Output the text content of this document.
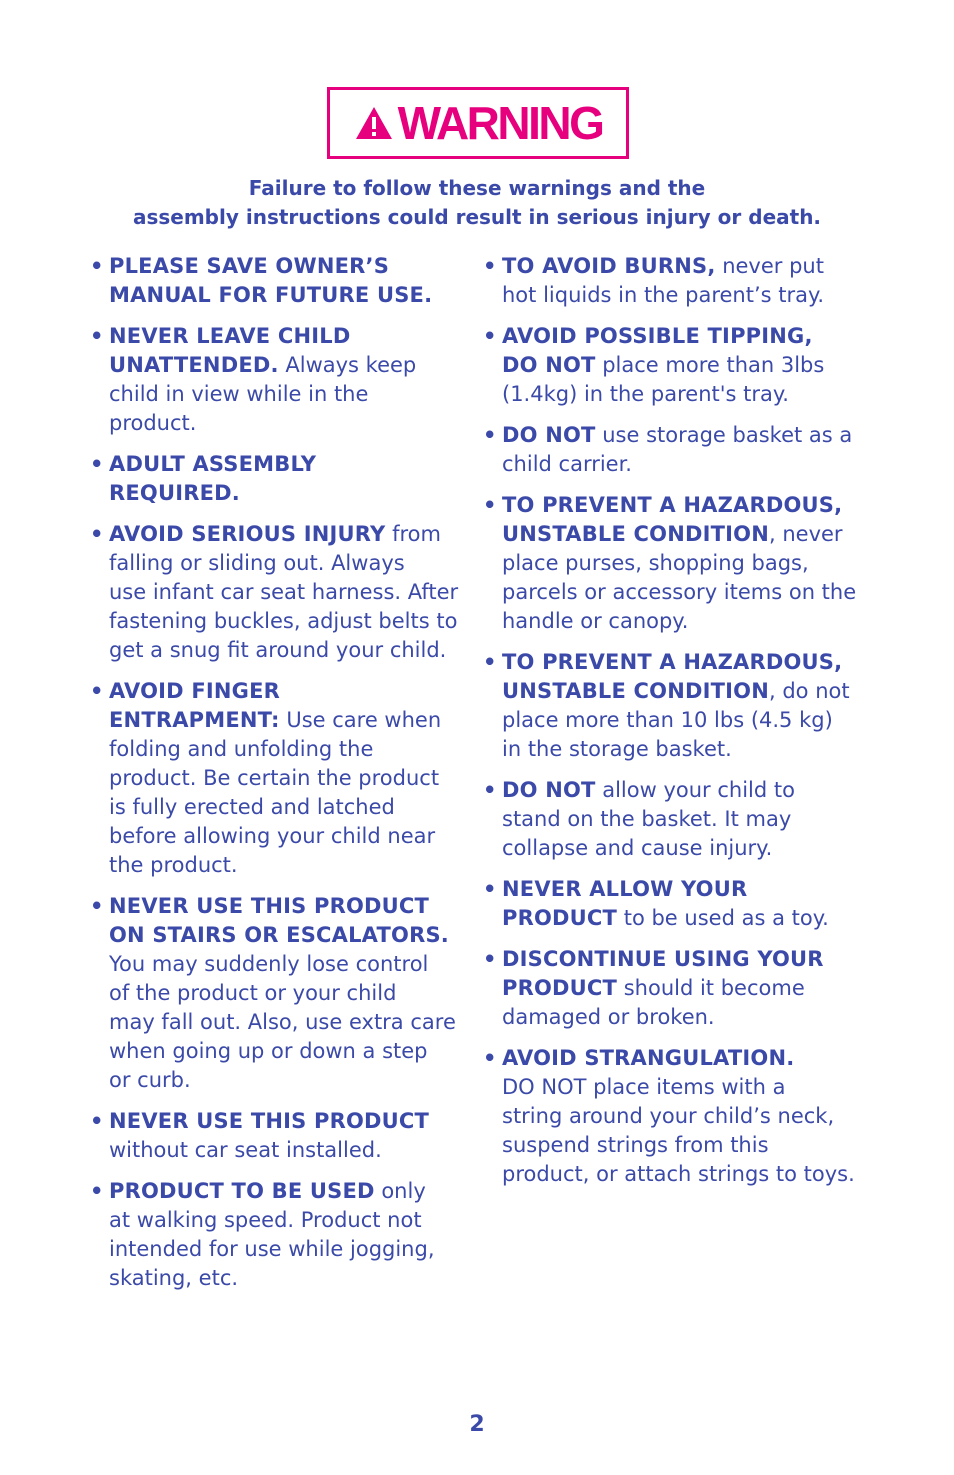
WARNING
Failure to follow these warnings and the
assembly instructions could result in serious injury or death.
• PLEASE SAVE OWNER’S
MANUAL FOR FUTURE USE.
• NEVER LEAVE CHILD
UNATTENDED. Always keep
child in view while in the
product.
• ADULT ASSEMBLY
REQUIRED.
• AVOID SERIOUS INJURY from
falling or sliding out. Always
use infant car seat harness. After
fastening buckles, adjust belts to
get a snug fit around your child.
• AVOID FINGER
ENTRAPMENT: Use care when
folding and unfolding the
product. Be certain the product
is fully erected and latched
before allowing your child near
the product.
• NEVER USE THIS PRODUCT
ON STAIRS OR ESCALATORS.
You may suddenly lose control
of the product or your child
may fall out. Also, use extra care
when going up or down a step
or curb.
• NEVER USE THIS PRODUCT
without car seat installed.
• PRODUCT TO BE USED only
at walking speed. Product not
intended for use while jogging,
skating, etc.
• TO AVOID BURNS, never put
hot liquids in the parent’s tray.
• AVOID POSSIBLE TIPPING,
DO NOT place more than 3lbs
(1.4kg) in the parent's tray.
• DO NOT use storage basket as a
child carrier.
• TO PREVENT A HAZARDOUS,
UNSTABLE CONDITION, never
place purses, shopping bags,
parcels or accessory items on the
handle or canopy.
• TO PREVENT A HAZARDOUS,
UNSTABLE CONDITION, do not
place more than 10 lbs (4.5 kg)
in the storage basket.
• DO NOT allow your child to
stand on the basket. It may
collapse and cause injury.
• NEVER ALLOW YOUR
PRODUCT to be used as a toy.
• DISCONTINUE USING YOUR
PRODUCT should it become
damaged or broken.
• AVOID STRANGULATION.
DO NOT place items with a
string around your child’s neck,
suspend strings from this
product, or attach strings to toys.
2
